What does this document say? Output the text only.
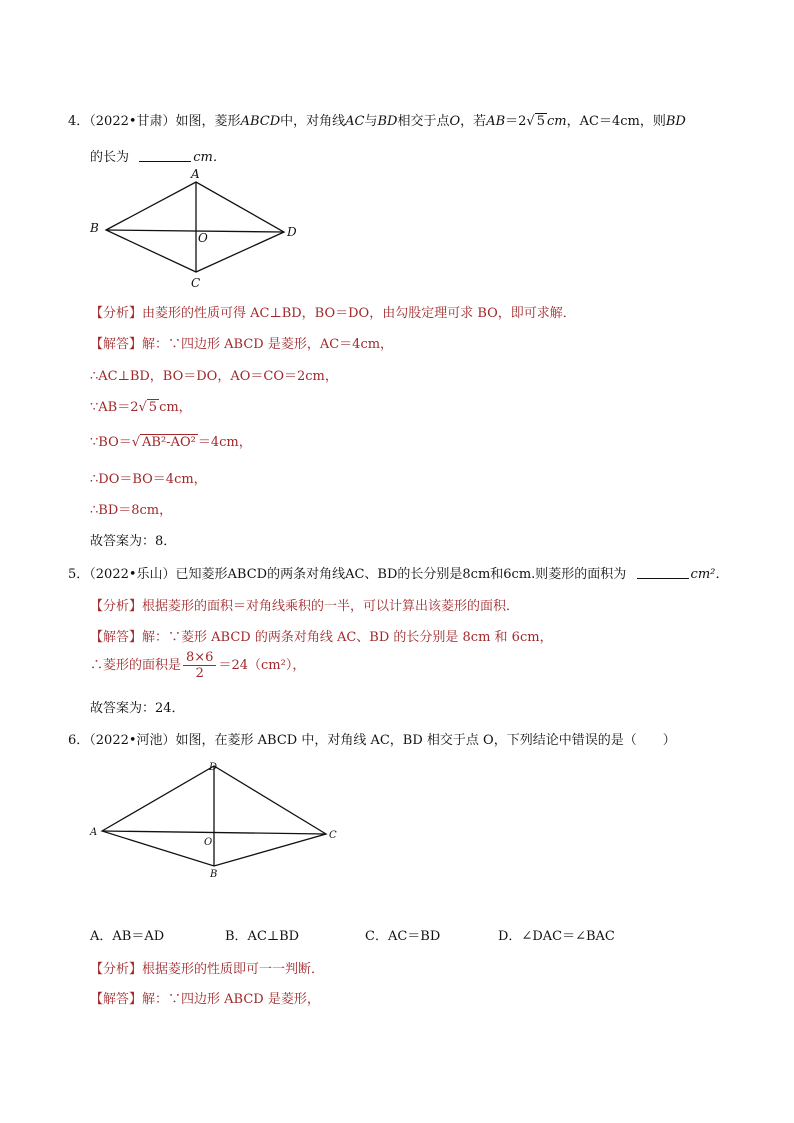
4．（2022•甘肃）如图，菱形ABCD中，对角线AC与BD相交于点O，若AB＝2√ 5 cm，AC＝4cm，则BD
的长为	cm．
A
B	D
C
O
【分析】由菱形的性质可得 AC⊥BD，BO＝DO，由勾股定理可求 BO，即可求解．
【解答】解：∵四边形 ABCD 是菱形，AC＝4cm，
∴AC⊥BD，BO＝DO，AO＝CO＝2cm，
∵AB＝2√ 5 cm，
∵BO＝√ AB²-AO² ＝4cm，
∴DO＝BO＝4cm，
∴BD＝8cm，
故答案为：8．
5．（2022•乐山）已知菱形ABCD的两条对角线AC、BD的长分别是8cm和6cm.则菱形的面积为	cm²．
【分析】根据菱形的面积＝对角线乘积的一半，可以计算出该菱形的面积．
【解答】解：∵菱形 ABCD 的两条对角线 AC、BD 的长分别是 8cm 和 6cm，
∴菱形的面积是 $\frac{8\times 6}{2} =24(cm^2)$，
故答案为：24．
6．（2022•河池）如图，在菱形 ABCD 中，对角线 AC，BD 相交于点 O，下列结论中错误的是（　　）
D
A	C
B
O
A．AB＝AD	B．AC⊥BD	C．AC＝BD	D．∠DAC＝∠BAC
【分析】根据菱形的性质即可一一判断．
【解答】解：∵四边形 ABCD 是菱形，
